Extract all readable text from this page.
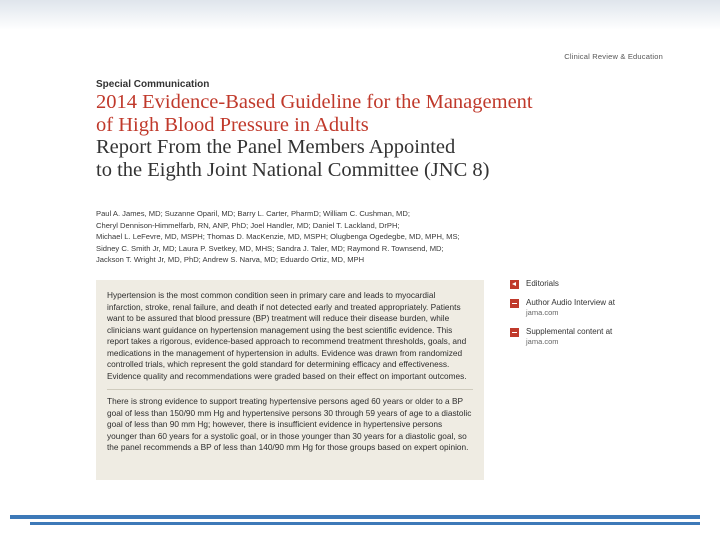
Clinical Review & Education
Special Communication
2014 Evidence-Based Guideline for the Management
of High Blood Pressure in Adults
Report From the Panel Members Appointed
to the Eighth Joint National Committee (JNC 8)
Paul A. James, MD; Suzanne Oparil, MD; Barry L. Carter, PharmD; William C. Cushman, MD;
Cheryl Dennison-Himmelfarb, RN, ANP, PhD; Joel Handler, MD; Daniel T. Lackland, DrPH;
Michael L. LeFevre, MD, MSPH; Thomas D. MacKenzie, MD, MSPH; Olugbenga Ogedegbe, MD, MPH, MS;
Sidney C. Smith Jr, MD; Laura P. Svetkey, MD, MHS; Sandra J. Taler, MD; Raymond R. Townsend, MD;
Jackson T. Wright Jr, MD, PhD; Andrew S. Narva, MD; Eduardo Ortiz, MD, MPH

Hypertension is the most common condition seen in primary care and leads to myocardial infarction, stroke, renal failure, and death if not detected early and treated appropriately. Patients want to be assured that blood pressure (BP) treatment will reduce their disease burden, while clinicians want guidance on hypertension management using the best scientific evidence. This report takes a rigorous, evidence-based approach to recommend treatment thresholds, goals, and medications in the management of hypertension in adults. Evidence was drawn from randomized controlled trials, which represent the gold standard for determining efficacy and effectiveness. Evidence quality and recommendations were graded based on their effect on important outcomes.

There is strong evidence to support treating hypertensive persons aged 60 years or older to a BP goal of less than 150/90 mm Hg and hypertensive persons 30 through 59 years of age to a diastolic goal of less than 90 mm Hg; however, there is insufficient evidence in hypertensive persons younger than 60 years for a systolic goal, or in those younger than 30 years for a diastolic goal, so the panel recommends a BP of less than 140/90 mm Hg for those groups based on expert opinion.

Editorials
Author Audio Interview at
jama.com
Supplemental content at
jama.com
